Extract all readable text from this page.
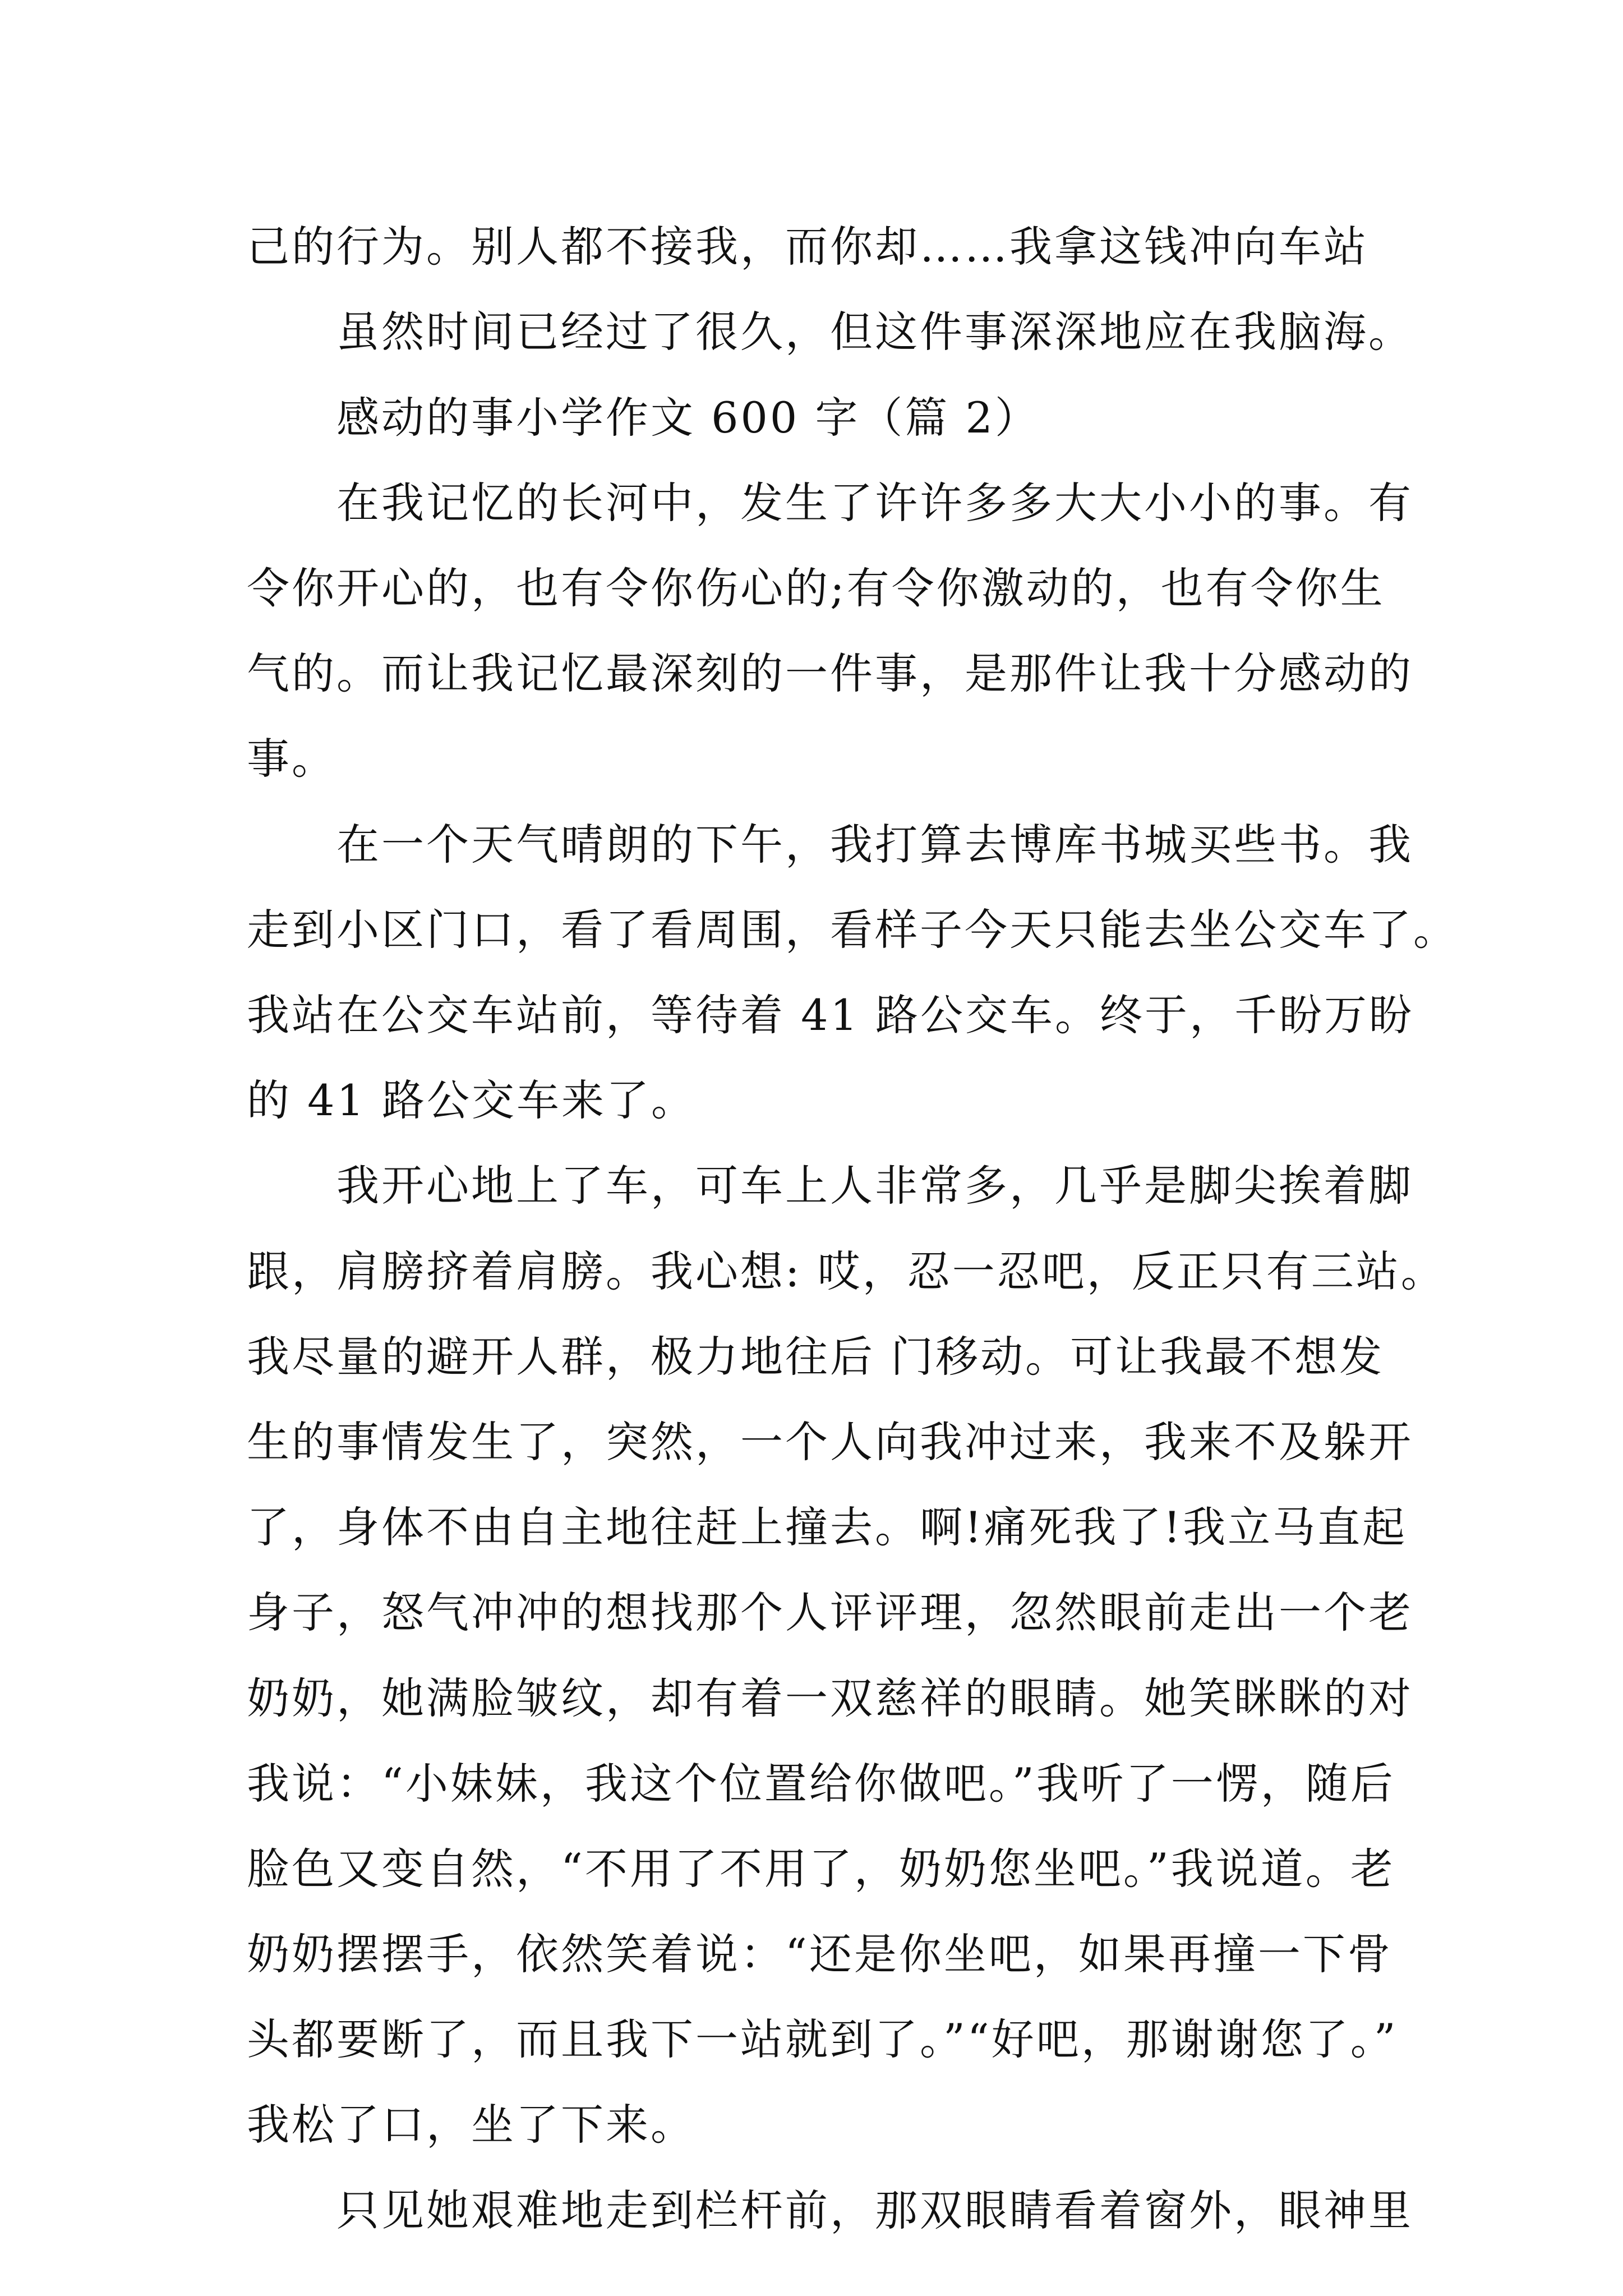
己的行为。别人都不接我，而你却……我拿这钱冲向车站
虽然时间已经过了很久，但这件事深深地应在我脑海。
感动的事小学作文 600 字（篇 2）
在我记忆的长河中，发生了许许多多大大小小的事。有
令你开心的，也有令你伤心的;有令你激动的，也有令你生
气的。而让我记忆最深刻的一件事，是那件让我十分感动的
事。
在一个天气晴朗的下午，我打算去博库书城买些书。我
走到小区门口，看了看周围，看样子今天只能去坐公交车了。
我站在公交车站前，等待着 41 路公交车。终于，千盼万盼
的 41 路公交车来了。
我开心地上了车，可车上人非常多，几乎是脚尖挨着脚
跟，肩膀挤着肩膀。我心想: 哎，忍一忍吧，反正只有三站。
我尽量的避开人群，极力地往后 门移动。可让我最不想发
生的事情发生了，突然，一个人向我冲过来，我来不及躲开
了，身体不由自主地往赶上撞去。啊!痛死我了!我立马直起
身子，怒气冲冲的想找那个人评评理，忽然眼前走出一个老
奶奶，她满脸皱纹，却有着一双慈祥的眼睛。她笑眯眯的对
我说：“小妹妹，我这个位置给你做吧。”我听了一愣，随后
脸色又变自然，“不用了不用了，奶奶您坐吧。”我说道。老
奶奶摆摆手，依然笑着说：“还是你坐吧，如果再撞一下骨
头都要断了，而且我下一站就到了。”“好吧，那谢谢您了。”
我松了口，坐了下来。
只见她艰难地走到栏杆前，那双眼睛看着窗外，眼神里
